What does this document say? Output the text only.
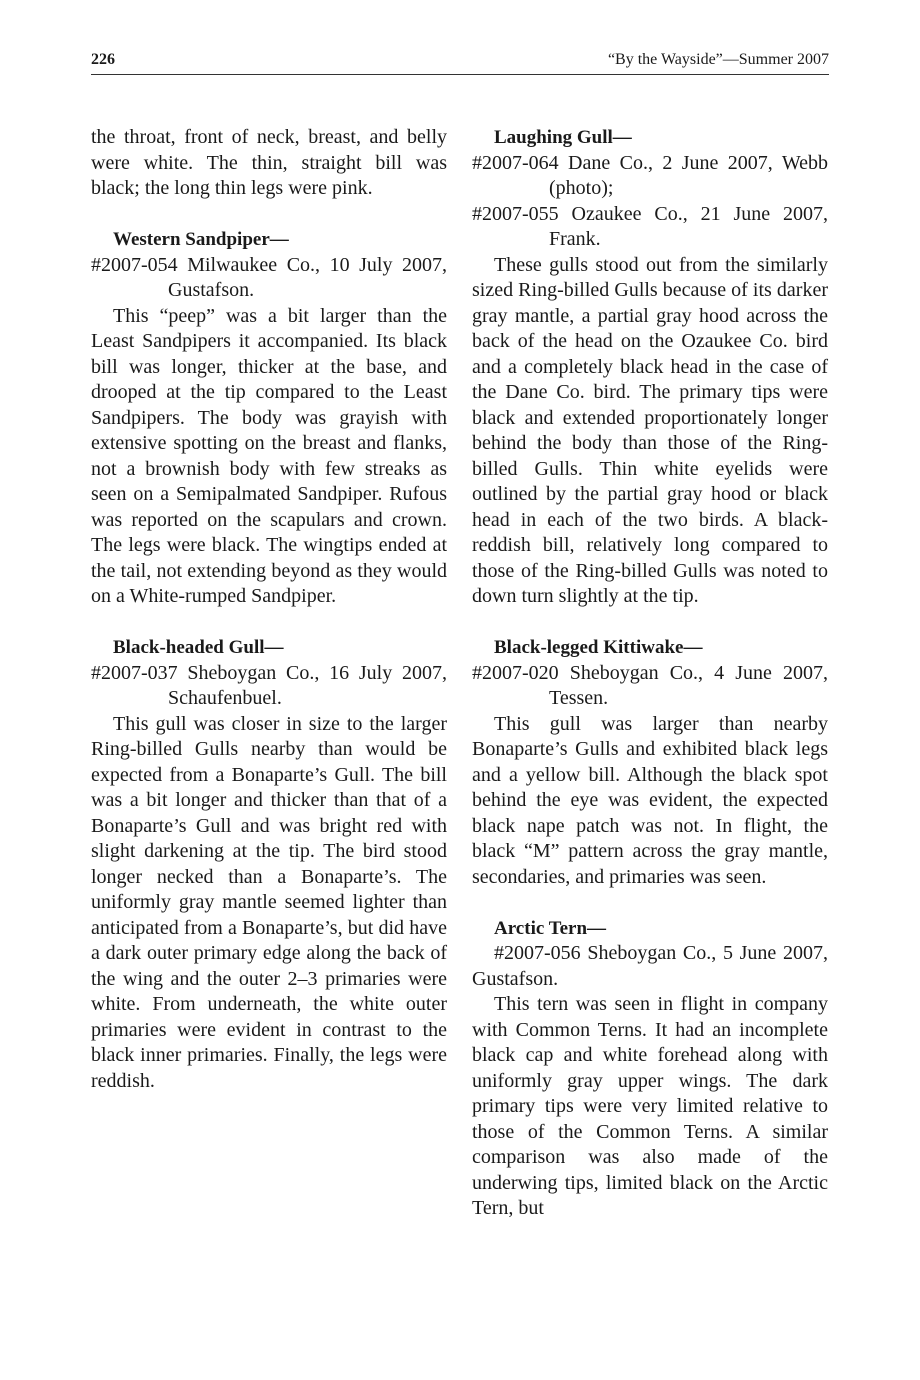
226	“By the Wayside”—Summer 2007

the throat, front of neck, breast, and belly were white. The thin, straight bill was black; the long thin legs were pink.

Western Sandpiper—

#2007-054 Milwaukee Co., 10 July 2007, Gustafson.

This “peep” was a bit larger than the Least Sandpipers it accompanied. Its black bill was longer, thicker at the base, and drooped at the tip compared to the Least Sandpipers. The body was grayish with extensive spotting on the breast and flanks, not a brownish body with few streaks as seen on a Semipalmated Sandpiper. Rufous was reported on the scapulars and crown. The legs were black. The wingtips ended at the tail, not extending beyond as they would on a White-rumped Sandpiper.

Black-headed Gull—

#2007-037 Sheboygan Co., 16 July 2007, Schaufenbuel.

This gull was closer in size to the larger Ring-billed Gulls nearby than would be expected from a Bonaparte’s Gull. The bill was a bit longer and thicker than that of a Bonaparte’s Gull and was bright red with slight darkening at the tip. The bird stood longer necked than a Bonaparte’s. The uniformly gray mantle seemed lighter than anticipated from a Bonaparte’s, but did have a dark outer primary edge along the back of the wing and the outer 2–3 primaries were white. From underneath, the white outer primaries were evident in contrast to the black inner primaries. Finally, the legs were reddish.

Laughing Gull—

#2007-064 Dane Co., 2 June 2007, Webb (photo);

#2007-055 Ozaukee Co., 21 June 2007, Frank.

These gulls stood out from the similarly sized Ring-billed Gulls because of its darker gray mantle, a partial gray hood across the back of the head on the Ozaukee Co. bird and a completely black head in the case of the Dane Co. bird. The primary tips were black and extended proportionately longer behind the body than those of the Ring-billed Gulls. Thin white eyelids were outlined by the partial gray hood or black head in each of the two birds. A black-reddish bill, relatively long compared to those of the Ring-billed Gulls was noted to down turn slightly at the tip.

Black-legged Kittiwake—

#2007-020 Sheboygan Co., 4 June 2007, Tessen.

This gull was larger than nearby Bonaparte’s Gulls and exhibited black legs and a yellow bill. Although the black spot behind the eye was evident, the expected black nape patch was not. In flight, the black “M” pattern across the gray mantle, secondaries, and primaries was seen.

Arctic Tern—

#2007-056 Sheboygan Co., 5 June 2007, Gustafson.

This tern was seen in flight in company with Common Terns. It had an incomplete black cap and white forehead along with uniformly gray upper wings. The dark primary tips were very limited relative to those of the Common Terns. A similar comparison was also made of the underwing tips, limited black on the Arctic Tern, but
